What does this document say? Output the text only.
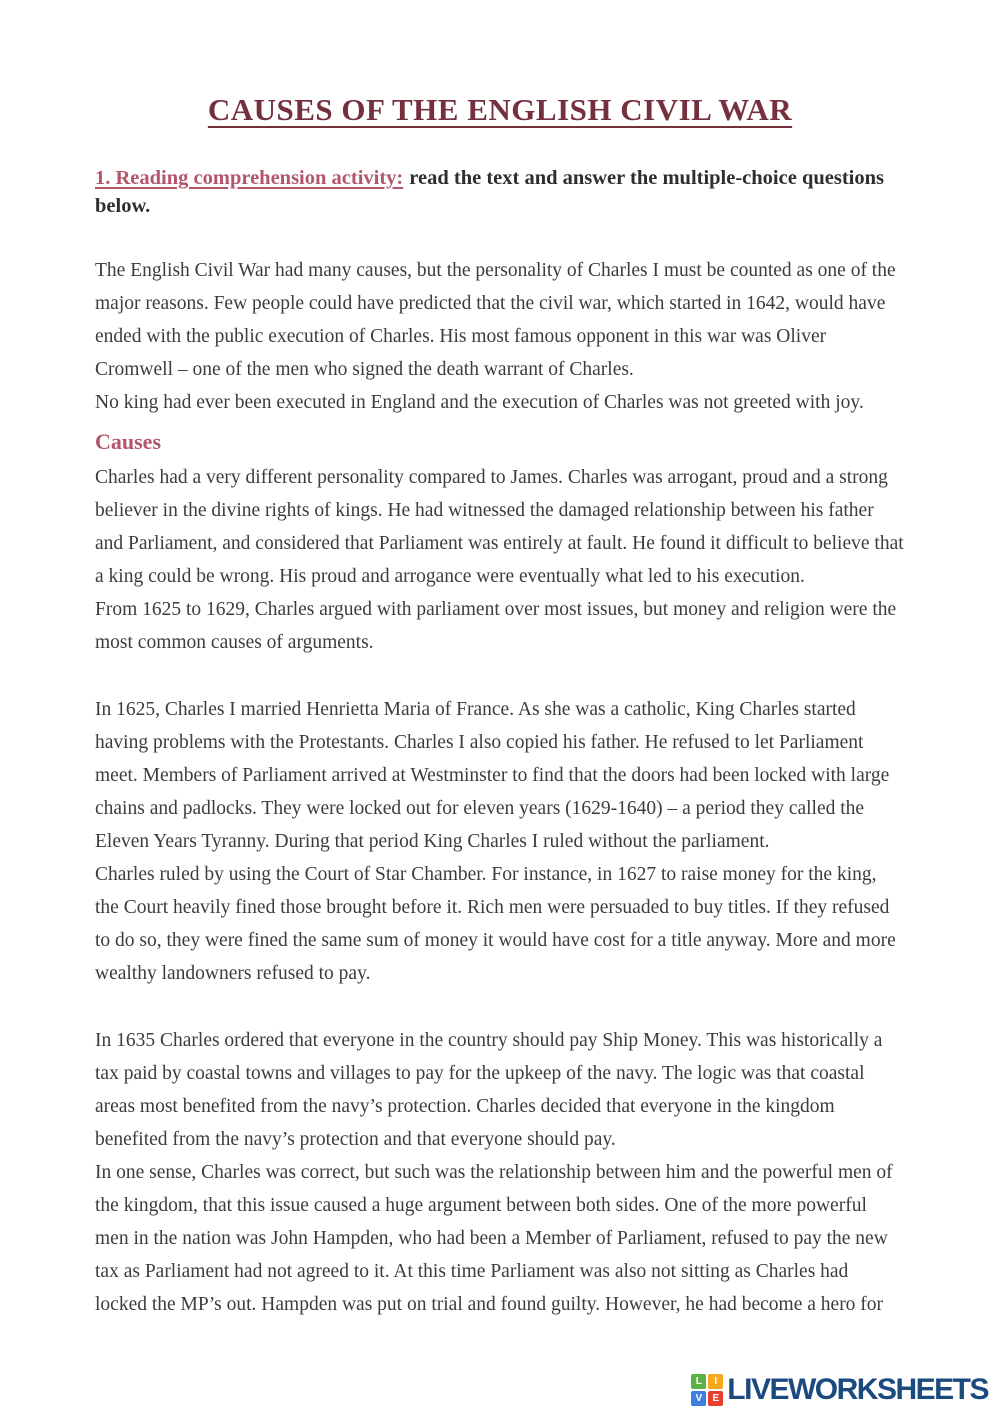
CAUSES OF THE ENGLISH CIVIL WAR

1. Reading comprehension activity: read the text and answer the multiple-choice questions below.

The English Civil War had many causes, but the personality of Charles I must be counted as one of the major reasons. Few people could have predicted that the civil war, which started in 1642, would have ended with the public execution of Charles. His most famous opponent in this war was Oliver Cromwell – one of the men who signed the death warrant of Charles.

No king had ever been executed in England and the execution of Charles was not greeted with joy.

Causes

Charles had a very different personality compared to James. Charles was arrogant, proud and a strong believer in the divine rights of kings. He had witnessed the damaged relationship between his father and Parliament, and considered that Parliament was entirely at fault. He found it difficult to believe that a king could be wrong. His proud and arrogance were eventually what led to his execution.

From 1625 to 1629, Charles argued with parliament over most issues, but money and religion were the most common causes of arguments.

In 1625, Charles I married Henrietta Maria of France. As she was a catholic, King Charles started having problems with the Protestants. Charles I also copied his father. He refused to let Parliament meet. Members of Parliament arrived at Westminster to find that the doors had been locked with large chains and padlocks. They were locked out for eleven years (1629-1640) – a period they called the Eleven Years Tyranny. During that period King Charles I ruled without the parliament.

Charles ruled by using the Court of Star Chamber. For instance, in 1627 to raise money for the king, the Court heavily fined those brought before it. Rich men were persuaded to buy titles. If they refused to do so, they were fined the same sum of money it would have cost for a title anyway. More and more wealthy landowners refused to pay.

In 1635 Charles ordered that everyone in the country should pay Ship Money. This was historically a tax paid by coastal towns and villages to pay for the upkeep of the navy. The logic was that coastal areas most benefited from the navy’s protection. Charles decided that everyone in the kingdom benefited from the navy’s protection and that everyone should pay.

In one sense, Charles was correct, but such was the relationship between him and the powerful men of the kingdom, that this issue caused a huge argument between both sides. One of the more powerful men in the nation was John Hampden, who had been a Member of Parliament, refused to pay the new tax as Parliament had not agreed to it. At this time Parliament was also not sitting as Charles had locked the MP’s out. Hampden was put on trial and found guilty. However, he had become a hero for

L	I
V	E LIVEWORKSHEETS
